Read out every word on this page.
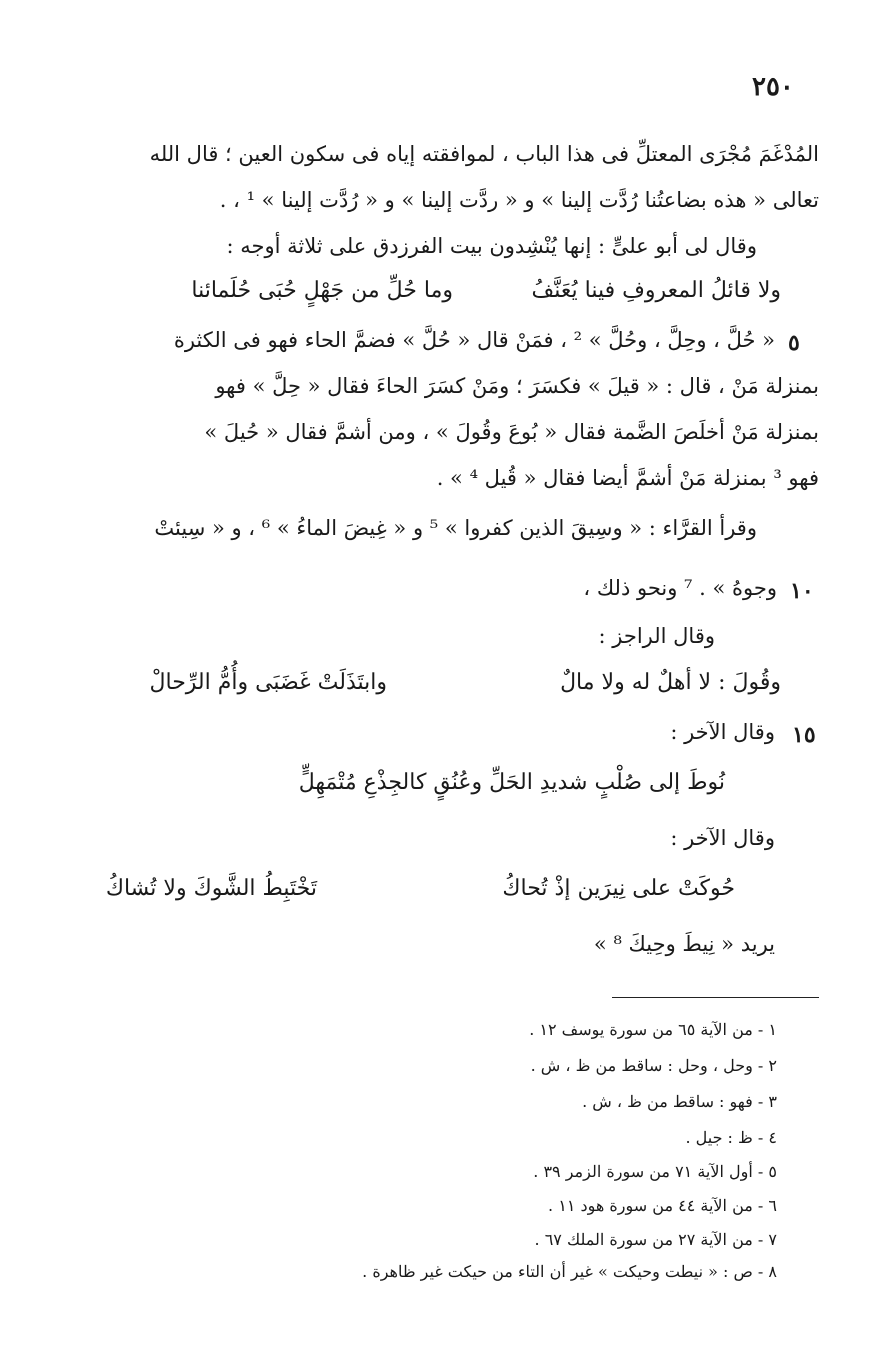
٢٥٠
المُدْغَمَ مُجْرَى المعتلِّ فى هذا الباب ، لموافقته إياه فى سكون العين ؛ قال الله
تعالى « هذه بضاعتُنا رُدَّت إلينا » و « ردَّت إلينا » و « رُدَّت إلينا » ¹ ، .
وقال لى أبو علىٍّ : إنها يُنْشِدون بيت الفرزدق على ثلاثة أوجه :
وما حُلِّ من جَهْلٍ حُبَى حُلَمائنا	ولا قائلُ المعروفِ فينا يُعَنَّفُ
٥
« حُلَّ ، وحِلَّ ، وحُلَّ » ² ، فمَنْ قال « حُلَّ » فضمَّ الحاء فهو فى الكثرة
بمنزلة مَنْ ، قال : « قيلَ » فكسَرَ ؛ ومَنْ كسَرَ الحاءَ فقال « حِلَّ » فهو
بمنزلة مَنْ أخلَصَ الضَّمة فقال « بُوعَ وقُولَ » ، ومن أشمَّ فقال « حُيلَ »
فهو ³ بمنزلة مَنْ أشمَّ أيضا فقال « قُيل ⁴ » .
وقرأ القرَّاء : « وسِيقَ الذين كفروا » ⁵ و « غِيضَ الماءُ » ⁶ ، و « سِيئتْ
١٠
وجوهُ » . ⁷ ونحو ذلك ،
وقال الراجز :
وابتَذَلَتْ غَضَبَى وأُمُّ الرِّحالْ	وقُولَ : لا أهلٌ له ولا مالٌ
١٥
وقال الآخر :
نُوطَ إلى صُلْبٍ شديدِ الحَلِّ وعُنُقٍ كالجِذْعِ مُتْمَهِلٍّ
وقال الآخر :
حُوكَتْ على نِيرَين إذْ تُحاكُ
تَخْتَبِطُ الشَّوكَ ولا تُشاكُ
يريد « نِيطَ وحِيكَ ⁸ »
١ - من الآية ٦٥ من سورة يوسف ١٢ .
٢ - وحل ، وحل : ساقط من ظ ، ش .
٣ - فهو : ساقط من ظ ، ش .
٤ - ظ : جيل .
٥ - أول الآية ٧١ من سورة الزمر ٣٩ .
٦ - من الآية ٤٤ من سورة هود ١١ .
٧ - من الآية ٢٧ من سورة الملك ٦٧ .
٨ - ص : « نيطت وحيكت » غير أن التاء من حيكت غير ظاهرة .
